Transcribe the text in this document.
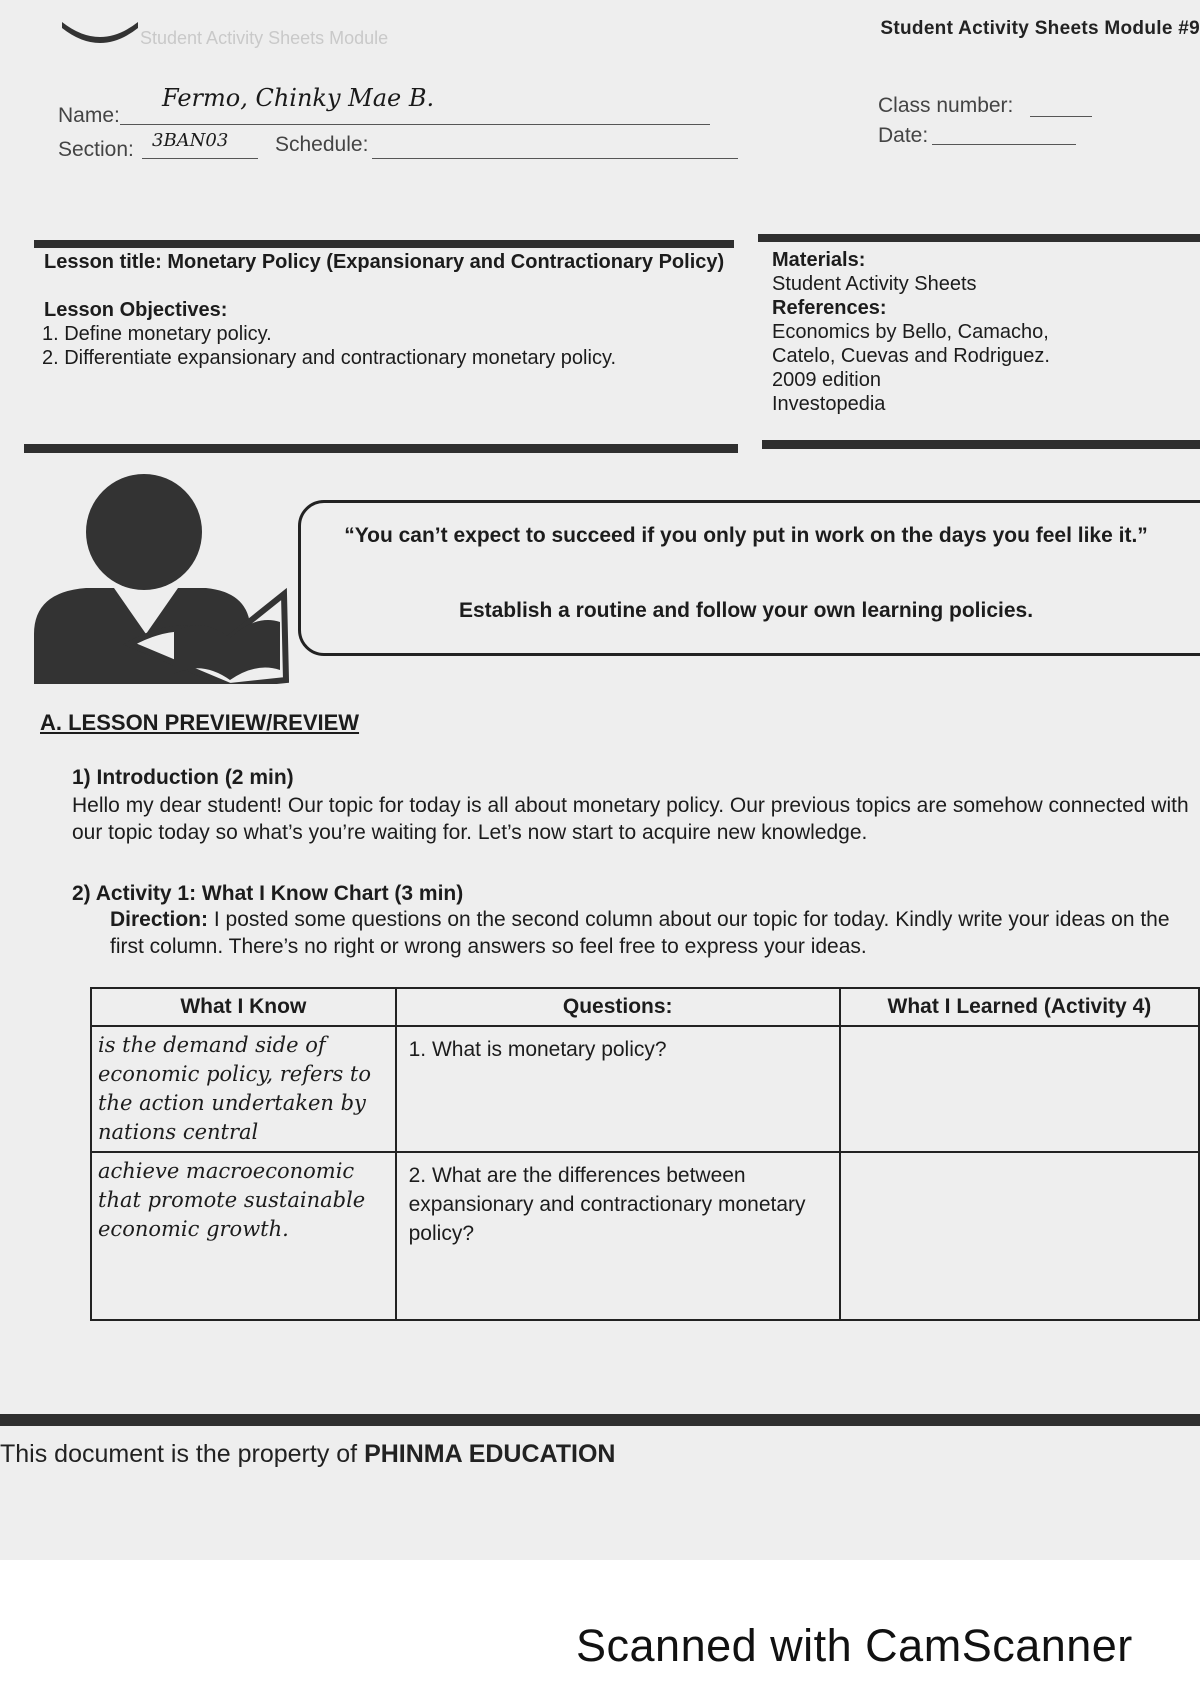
Student Activity Sheets Module	Student Activity Sheets Module #9
Name:
Fermo, Chinky Mae B.
Section: 3BAN03 Schedule:
Class number:
Date:
Lesson title: Monetary Policy (Expansionary and Contractionary Policy)
Lesson Objectives:
1. Define monetary policy.
2. Differentiate expansionary and contractionary monetary policy.
Materials:
Student Activity Sheets
References:
Economics by Bello, Camacho,
Catelo, Cuevas and Rodriguez.
2009 edition
Investopedia
“You can’t expect to succeed if you only put in work on the days you feel like it.”
Establish a routine and follow your own learning policies.
A. LESSON PREVIEW/REVIEW
1) Introduction (2 min)
Hello my dear student! Our topic for today is all about monetary policy. Our previous topics are somehow connected with our topic today so what’s you’re waiting for. Let’s now start to acquire new knowledge.
2) Activity 1: What I Know Chart (3 min)
Direction: I posted some questions on the second column about our topic for today. Kindly write your ideas on the first column. There’s no right or wrong answers so feel free to express your ideas.
What I Know	Questions:	What I Learned (Activity 4)
is the demand side of economic policy, refers to the action undertaken by nations central	1. What is monetary policy?	
achieve macroeconomic that promote sustainable economic growth.	2. What are the differences between expansionary and contractionary monetary policy?	
This document is the property of PHINMA EDUCATION
Scanned with CamScanner
